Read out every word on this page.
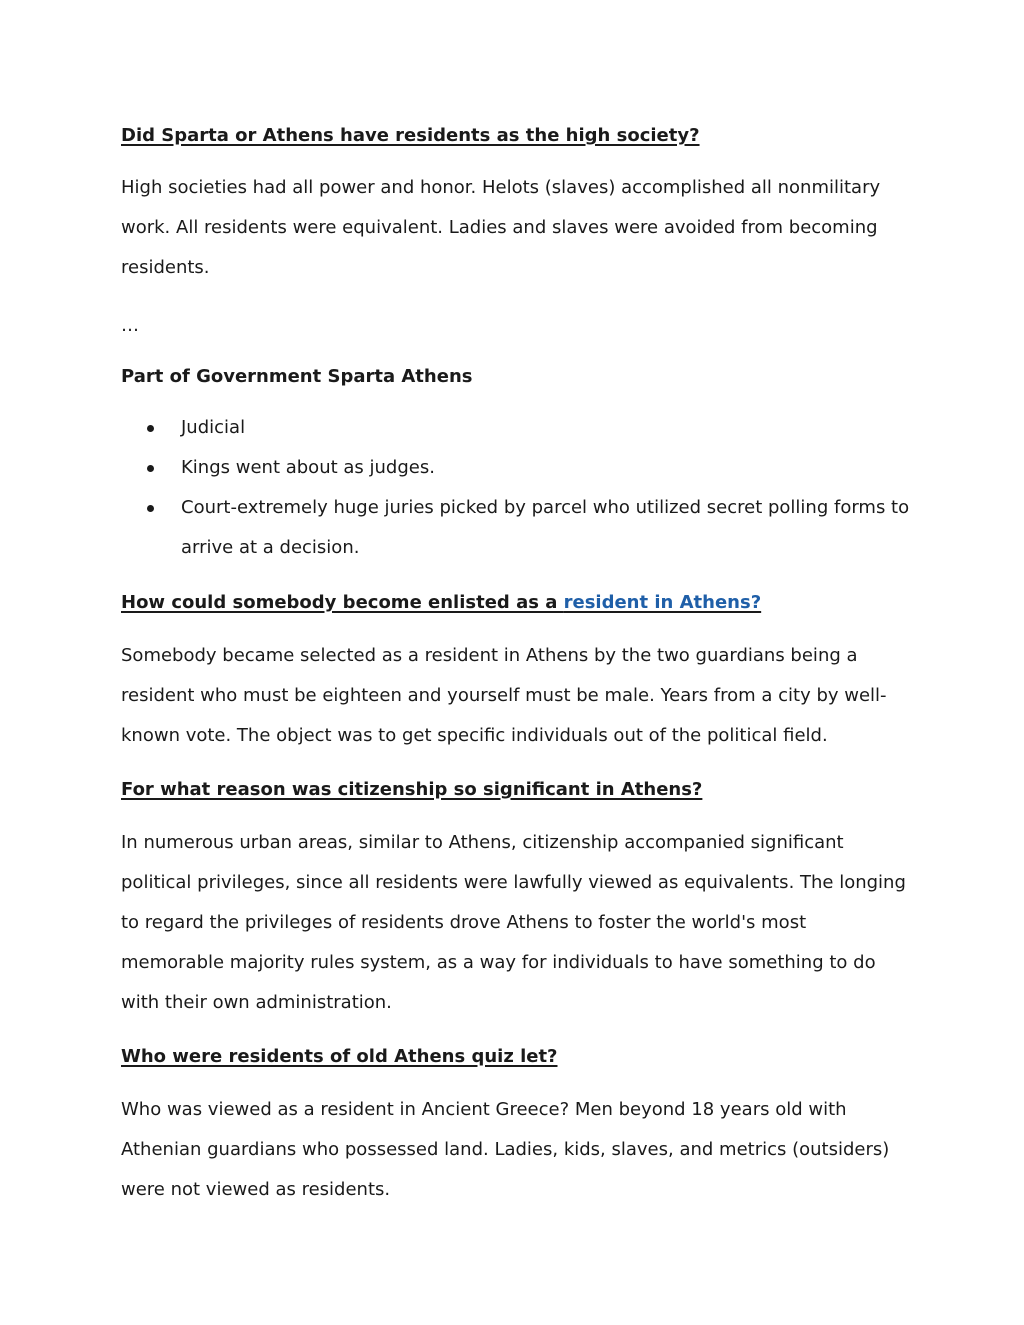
Did Sparta or Athens have residents as the high society?

High societies had all power and honor. Helots (slaves) accomplished all nonmilitary work. All residents were equivalent. Ladies and slaves were avoided from becoming residents.

…

Part of Government Sparta Athens
Judicial
Kings went about as judges.
Court-extremely huge juries picked by parcel who utilized secret polling forms to arrive at a decision.
How could somebody become enlisted as a resident in Athens?

Somebody became selected as a resident in Athens by the two guardians being a resident who must be eighteen and yourself must be male. Years from a city by well-known vote. The object was to get specific individuals out of the political field.

For what reason was citizenship so significant in Athens?

In numerous urban areas, similar to Athens, citizenship accompanied significant political privileges, since all residents were lawfully viewed as equivalents. The longing to regard the privileges of residents drove Athens to foster the world's most memorable majority rules system, as a way for individuals to have something to do with their own administration.

Who were residents of old Athens quiz let?

Who was viewed as a resident in Ancient Greece? Men beyond 18 years old with Athenian guardians who possessed land. Ladies, kids, slaves, and metrics (outsiders) were not viewed as residents.
